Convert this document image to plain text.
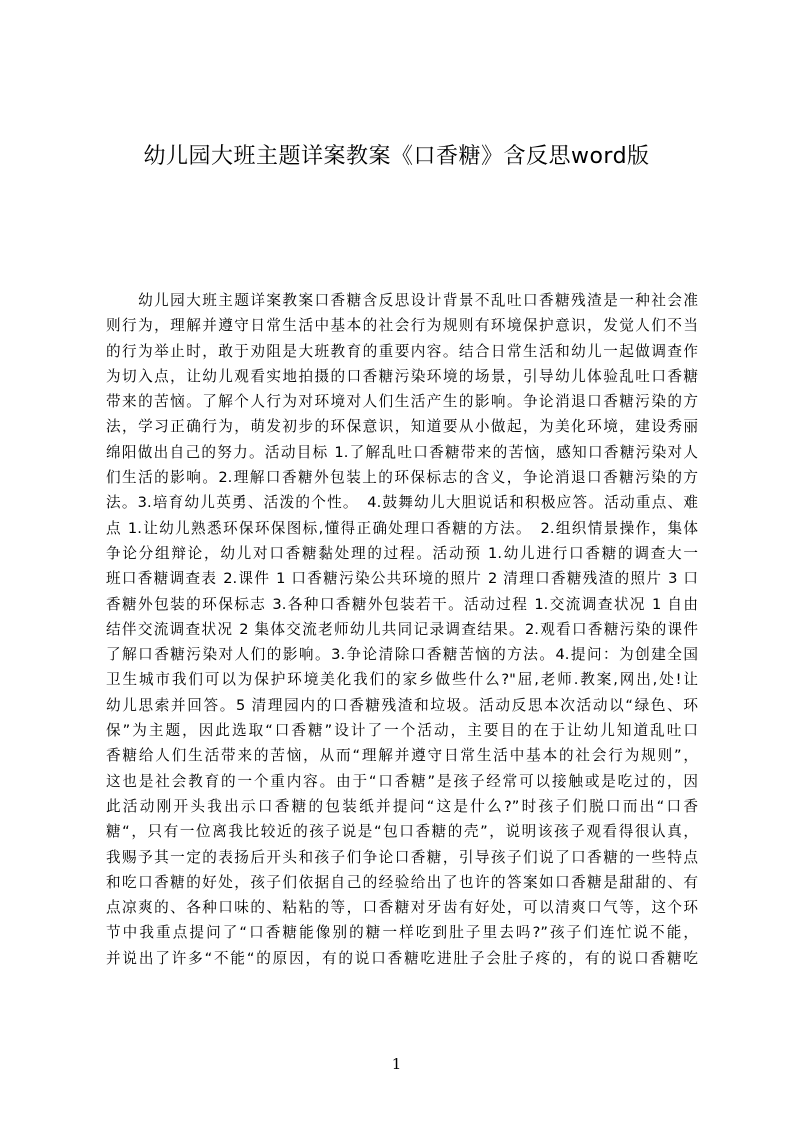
幼儿园大班主题详案教案《口香糖》含反思word版
　　幼儿园大班主题详案教案口香糖含反思设计背景不乱吐口香糖残渣是一种社会准
则行为，理解并遵守日常生活中基本的社会行为规则有环境保护意识，发觉人们不当
的行为举止时，敢于劝阻是大班教育的重要内容。结合日常生活和幼儿一起做调查作
为切入点，让幼儿观看实地拍摄的口香糖污染环境的场景，引导幼儿体验乱吐口香糖
带来的苦恼。了解个人行为对环境对人们生活产生的影响。争论消退口香糖污染的方
法，学习正确行为，萌发初步的环保意识，知道要从小做起，为美化环境，建设秀丽
绵阳做出自己的努力。活动目标 1.了解乱吐口香糖带来的苦恼，感知口香糖污染对人
们生活的影响。2.理解口香糖外包装上的环保标志的含义，争论消退口香糖污染的方
法。3.培育幼儿英勇、活泼的个性。　4.鼓舞幼儿大胆说话和积极应答。活动重点、难
点 1.让幼儿熟悉环保环保图标,懂得正确处理口香糖的方法。　2.组织情景操作，集体
争论分组辩论，幼儿对口香糖黏处理的过程。活动预 1.幼儿进行口香糖的调查大一
班口香糖调查表 2.课件 1 口香糖污染公共环境的照片 2 清理口香糖残渣的照片 3 口
香糖外包装的环保标志 3.各种口香糖外包装若干。活动过程 1.交流调查状况 1 自由
结伴交流调查状况 2 集体交流老师幼儿共同记录调查结果。2.观看口香糖污染的课件
了解口香糖污染对人们的影响。3.争论清除口香糖苦恼的方法。4.提问：为创建全国
卫生城市我们可以为保护环境美化我们的家乡做些什么?"屈,老师.教案,网出,处!让
幼儿思索并回答。5 清理园内的口香糖残渣和垃圾。活动反思本次活动以“绿色、环
保”为主题，因此选取“口香糖”设计了一个活动，主要目的在于让幼儿知道乱吐口
香糖给人们生活带来的苦恼，从而“理解并遵守日常生活中基本的社会行为规则”，
这也是社会教育的一个重内容。由于“口香糖”是孩子经常可以接触或是吃过的，因
此活动刚开头我出示口香糖的包装纸并提问“这是什么?”时孩子们脱口而出“口香
糖“，只有一位离我比较近的孩子说是“包口香糖的壳”，说明该孩子观看得很认真，
我赐予其一定的表扬后开头和孩子们争论口香糖，引导孩子们说了口香糖的一些特点
和吃口香糖的好处，孩子们依据自己的经验给出了也许的答案如口香糖是甜甜的、有
点凉爽的、各种口味的、粘粘的等，口香糖对牙齿有好处，可以清爽口气等，这个环
节中我重点提问了“口香糖能像别的糖一样吃到肚子里去吗?”孩子们连忙说不能，
并说出了许多“不能“的原因，有的说口香糖吃进肚子会肚子疼的，有的说口香糖吃
1
